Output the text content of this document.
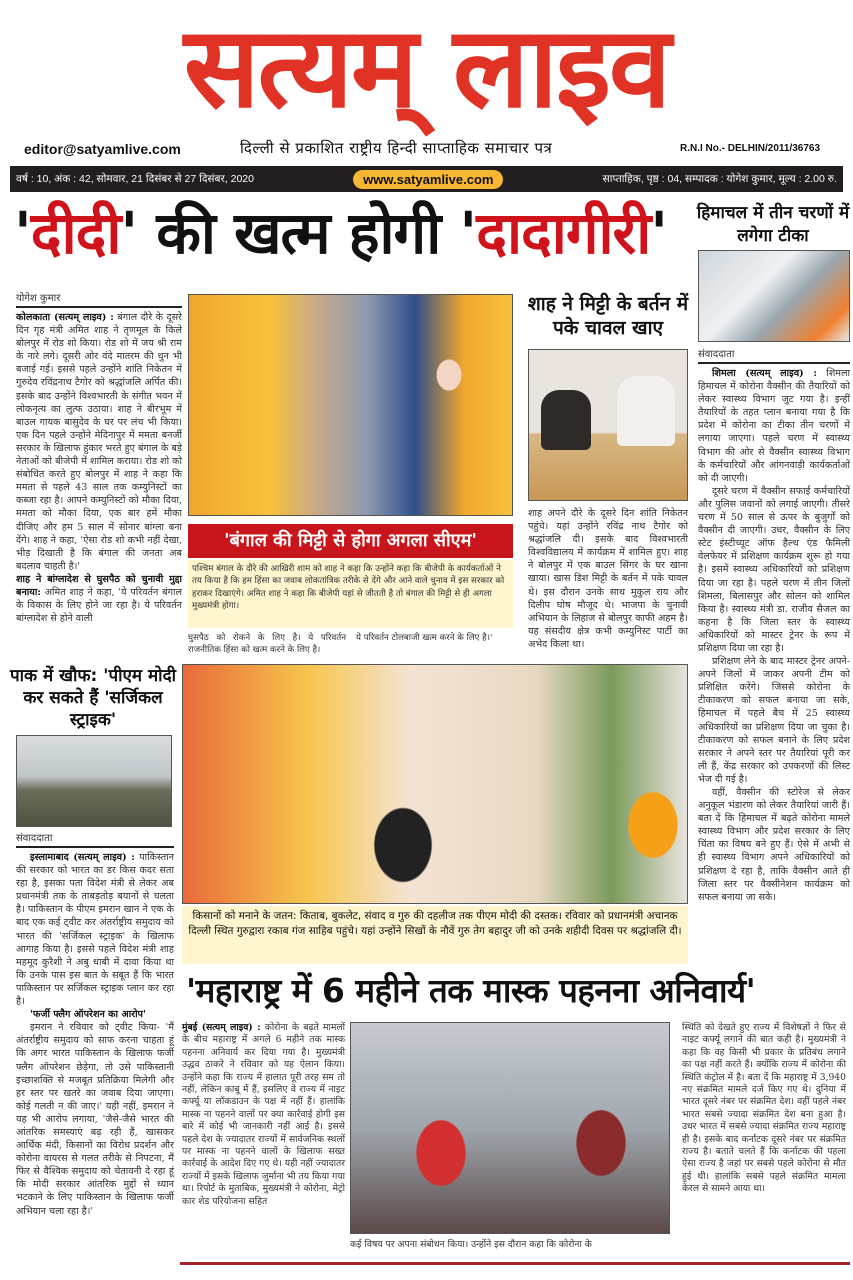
सत्यम् लाइव
editor@satyamlive.com	दिल्ली से प्रकाशित राष्ट्रीय हिन्दी साप्ताहिक समाचार पत्र	R.N.I No.- DELHIN/2011/36763
वर्ष : 10, अंक : 42, सोमवार, 21 दिसंबर से 27 दिसंबर, 2020	www.satyamlive.com	साप्ताहिक, पृष्ठ : 04, सम्पादक : योगेश कुमार, मूल्य : 2.00 रु.
'दीदी' की खत्म होगी 'दादागीरी'
योगेश कुमार
कोलकाता (सत्यम् लाइव) : बंगाल दौरे के दूसरे दिन गृह मंत्री अमित शाह ने तृणमूल के किले बोलपुर में रोड शो किया। रोड शो में जय श्री राम के नारे लगे। दूसरी ओर वंदे मातरम की धुन भी बजाई गई। इससे पहले उन्होंने शांति निकेतन में गुरुदेव रविंद्रनाथ टैगोर को श्रद्धांजलि अर्पित की। इसके बाद उन्होंने विश्वभारती के संगीत भवन में लोकनृत्य का लुत्फ उठाया। शाह ने बीरभूम में बाउल गायक बासुदेव के घर पर लंच भी किया। एक दिन पहले उन्होंने मेदिनापुर में ममता बनर्जी सरकार के खिलाफ हुंकार भरते हुए बंगाल के बड़े नेताओं को बीजेपी में शामिल कराया। रोड शो को संबोधित करते हुए बोलपुर में शाह ने कहा कि ममता से पहले 43 साल तक कम्युनिस्टों का कब्जा रहा है। आपने कम्युनिस्टों को मौका दिया, ममता को मौका दिया, एक बार हमें मौका दीजिए और हम 5 साल में सोनार बांग्ला बना देंगे। शाह ने कहा, 'ऐसा रोड शो कभी नहीं देखा, भीड़ दिखाती है कि बंगाल की जनता अब बदलाव चाहती है।'
शाह ने बांग्लादेश से घुसपैठ को चुनावी मुद्दा बनाया: अमित शाह ने कहा, 'ये परिवर्तन बंगाल के विकास के लिए होने जा रहा है। ये परिवर्तन बांग्लादेश से होने वाली
'बंगाल की मिट्टी से होगा अगला सीएम'
पश्चिम बंगाल के दौरे की आखिरी शाम को शाह ने कहा कि उन्होंने कहा कि बीजेपी के कार्यकर्ताओं ने तय किया है कि हम हिंसा का जवाब लोकतांत्रिक तरीके से देंगे और आने वाले चुनाव में इस सरकार को हराकर दिखाएंगे। अमित शाह ने कहा कि बीजेपी यहां से जीतती है तो बंगाल की मिट्टी से ही अगला मुख्यमंत्री होगा।
घुसपैठ को रोकने के लिए है। ये परिवर्तन राजनीतिक हिंसा को खत्म करने के लिए है।
ये परिवर्तन टोलबाजी खत्म करने के लिए है।'
शाह ने मिट्टी के बर्तन में पके चावल खाए
शाह अपने दौरे के दूसरे दिन शांति निकेतन पहुंचे। यहां उन्होंने रविंद्र नाथ टैगोर को श्रद्धांजलि दी। इसके बाद विश्वभारती विश्वविद्यालय में कार्यक्रम में शामिल हुए। शाह ने बोलपुर में एक बाउल सिंगर के घर खाना खाया। खास डिश मिट्टी के बर्तन में पके चावल थे। इस दौरान उनके साथ मुकुल राय और दिलीप घोष मौजूद थे। भाजपा के चुनावी अभियान के लिहाज से बोलपुर काफी अहम है। यह संसदीय क्षेत्र कभी कम्युनिस्ट पार्टी का अभेद किला था।
हिमाचल में तीन चरणों में लगेगा टीका
संवाददाता
शिमला (सत्यम् लाइव) : शिमला हिमाचल में कोरोना वैक्सीन की तैयारियों को लेकर स्वास्थ्य विभाग जुट गया है। इन्हीं तैयारियों के तहत प्लान बनाया गया है कि प्रदेश में कोरोना का टीका तीन चरणों में लगाया जाएगा। पहले चरण में स्वास्थ्य विभाग की ओर से वैक्सीन स्वास्थ्य विभाग के कर्मचारियों और आंगनवाड़ी कार्यकर्ताओं को दी जाएगी।
दूसरे चरण में वैक्सीन सफाई कर्मचारियों और पुलिस जवानों को लगाई जाएगी। तीसरे चरण में 50 साल से ऊपर के बुजुर्गों को वैक्सीन दी जाएगी। उधर, वैक्सीन के लिए स्टेट इंस्टीच्यूट ऑफ हैल्थ एंड फैमिली वेलफेयर में प्रशिक्षण कार्यक्रम शुरू हो गया है। इसमें स्वास्थ्य अधिकारियों को प्रशिक्षण दिया जा रहा है। पहले चरण में तीन जिलों शिमला, बिलासपुर और सोलन को शामिल किया है। स्वास्थ्य मंत्री डा. राजीव सैजल का कहना है कि जिला स्तर के स्वास्थ्य अधिकारियों को मास्टर ट्रेनर के रूप में प्रशिक्षण दिया जा रहा है।
प्रशिक्षण लेने के बाद मास्टर ट्रेनर अपने-अपने जिलों में जाकर अपनी टीम को प्रशिक्षित करेंगे। जिससे कोरोना के टीकाकरण को सफल बनाया जा सके, हिमाचल में पहले बैच में 25 स्वास्थ्य अधिकारियों का प्रशिक्षण दिया जा चुका है। टीकाकरण को सफल बनाने के लिए प्रदेश सरकार ने अपने स्तर पर तैयारियां पूरी कर ली हैं, केंद्र सरकार को उपकरणों की लिस्ट भेज दी गई है।
वहीं, वैक्सीन की स्टोरेज से लेकर अनुकूल भंडारण को लेकर तैयारियां जारी हैं। बता दें कि हिमाचल में बढ़ते कोरोना मामले स्वास्थ्य विभाग और प्रदेश सरकार के लिए चिंता का विषय बने हुए हैं। ऐसे में अभी से ही स्वास्थ्य विभाग अपने अधिकारियों को प्रशिक्षण दे रहा है, ताकि वैक्सीन आते ही जिला स्तर पर वैक्सीनेशन कार्यक्रम को सफल बनाया जा सके।
पाक में खौफ: 'पीएम मोदी कर सकते हैं 'सर्जिकल स्ट्राइक'
संवाददाता
इस्लामाबाद (सत्यम् लाइव) : पाकिस्तान की सरकार को भारत का डर किस कदर सता रहा है, इसका पता विदेश मंत्री से लेकर अब प्रधानमंत्री तक के ताबड़तोड़ बयानों से चलता है। पाकिस्तान के पीएम इमरान खान ने एक के बाद एक कई ट्वीट कर अंतर्राष्ट्रीय समुदाय को भारत की 'सर्जिकल स्ट्राइक' के खिलाफ आगाह किया है। इससे पहले विदेश मंत्री शाह महमूद कुरैशी ने अबु धाबी में दावा किया था कि उनके पास इस बात के सबूत हैं कि भारत पाकिस्तान पर सर्जिकल स्ट्राइक प्लान कर रहा है।
'फर्जी फ्लैग ऑपरेशन का आरोप'
इमरान ने रविवार को ट्वीट किया- 'मैं अंतर्राष्ट्रीय समुदाय को साफ करना चाहता हूं कि अगर भारत पाकिस्तान के खिलाफ फर्जी फ्लैग ऑपरेशन छेड़ेगा, तो उसे पाकिस्तानी इच्छाशक्ति से मजबूत प्रतिक्रिया मिलेगी और हर स्तर पर खतरे का जवाब दिया जाएगा। कोई गलती न की जाए।' यही नहीं, इमरान ने यह भी आरोप लगाया, 'जैसे-जैसे भारत की आंतरिक समस्याएं बढ़ रही हैं, खासकर आर्थिक मंदी, किसानों का विरोध प्रदर्शन और कोरोना वायरस से गलत तरीके से निपटना, मैं फिर से वैश्विक समुदाय को चेतावनी दे रहा हूं कि मोदी सरकार आंतरिक मुद्दों से ध्यान भटकाने के लिए पाकिस्तान के खिलाफ फर्जी अभियान चला रहा है।'
किसानों को मनाने के जतन: किताब, बुकलेट, संवाद व गुरु की दहलीज तक पीएम मोदी की दस्तक। रविवार को प्रधानमंत्री अचानक दिल्ली स्थित गुरुद्वारा रकाब गंज साहिब पहुंचे। यहां उन्होंने सिखों के नौवें गुरु तेग बहादुर जी को उनके शहीदी दिवस पर श्रद्धांजलि दी।
'महाराष्ट्र में 6 महीने तक मास्क पहनना अनिवार्य'
मुंबई (सत्यम् लाइव) : कोरोना के बढ़ते मामलों के बीच महाराष्ट्र में अगले 6 महीने तक मास्क पहनना अनिवार्य कर दिया गया है। मुख्यमंत्री उद्धव ठाकरे ने रविवार को यह ऐलान किया। उन्होंने कहा कि राज्य में हालात पूरी तरह सम तो नहीं, लेकिन काबू में हैं, इसलिए वे राज्य में नाइट कर्फ्यू या लॉकडाउन के पक्ष में नहीं हैं। हालांकि मास्क ना पहनने वालों पर क्या कार्रवाई होगी इस बारे में कोई भी जानकारी नहीं आई है। इससे पहले देश के ज्यादातर राज्यों में सार्वजनिक स्थलों पर मास्क ना पहनने वालों के खिलाफ सख्त कार्रवाई के आदेश दिए गए थे। यही नहीं ज्यादातर राज्यों में इसके खिलाफ जुर्माना भी तय किया गया था। रिपोर्ट के मुताबिक, मुख्यमंत्री ने कोरोना, मेट्रो कार शेड परियोजना सहित
कई विषय पर अपना संबोधन किया। उन्होंने इस दौरान कहा कि कोरोना के
स्थिति को देखते हुए राज्य में विशेषज्ञों ने फिर से नाइट कर्फ्यू लगाने की बात कही है। मुख्यमंत्री ने कहा कि वह किसी भी प्रकार के प्रतिबंध लगाने का पक्ष नहीं करते हैं। क्योंकि राज्य में कोरोना की स्थिति कंट्रोल में है। बता दें कि महाराष्ट्र में 3,940 नए संक्रमित मामले दर्ज किए गए थे। दुनिया में भारत दूसरे नंबर पर संक्रमित देश। वहीं पहले नंबर भारत सबसे ज्यादा संक्रमित देश बना हुआ है। उधर भारत में सबसे ज्यादा संक्रमित राज्य महाराष्ट्र ही है। इसके बाद कर्नाटक दूसरे नंबर पर संक्रमित राज्य है। बताते चलते हैं कि कर्नाटक की पहला ऐसा राज्य है जहां पर सबसे पहले कोरोना से मौत हुई थी। हालांकि सबसे पहले संक्रमित मामला केरल से सामने आया था।
